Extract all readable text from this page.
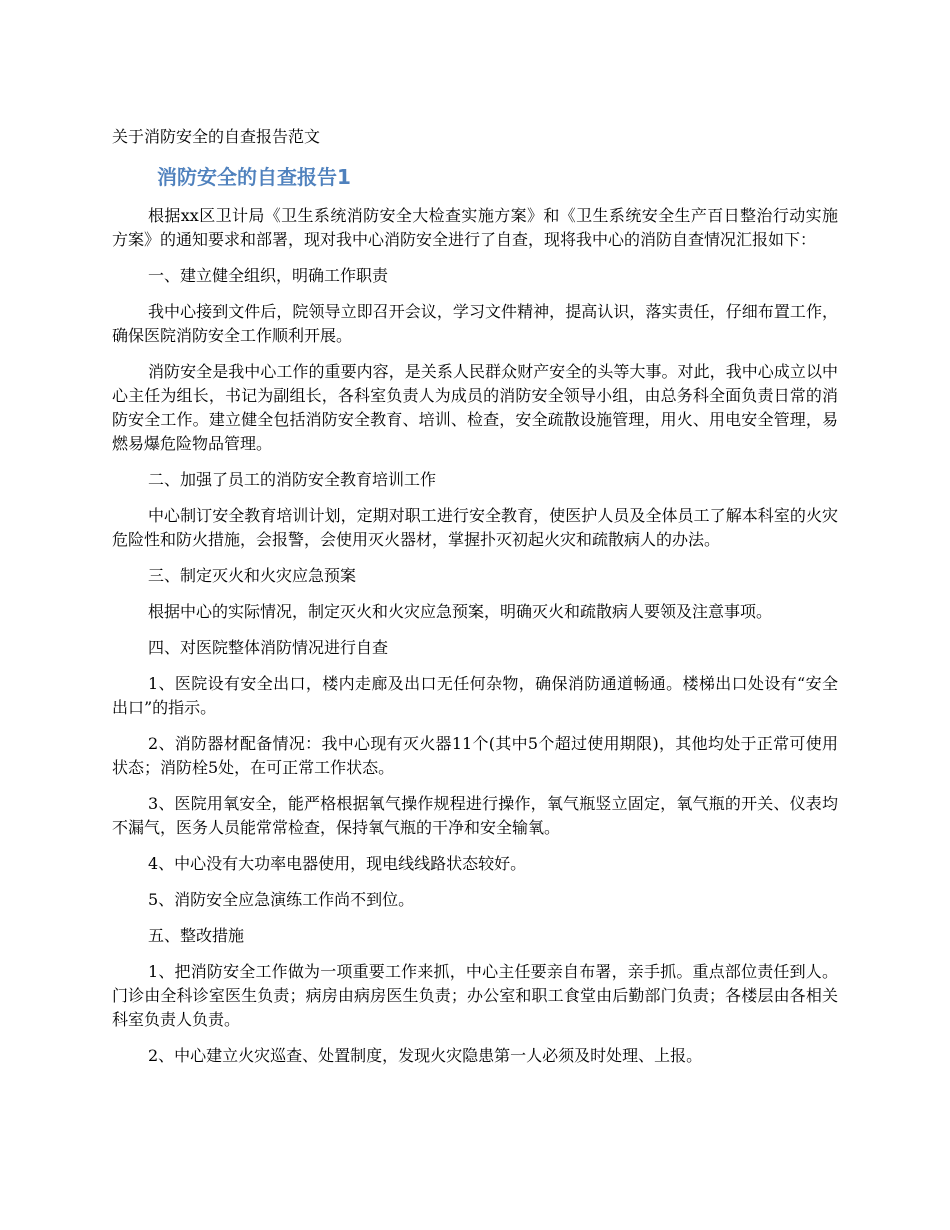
关于消防安全的自查报告范文
消防安全的自查报告1

根据xx区卫计局《卫生系统消防安全大检查实施方案》和《卫生系统安全生产百日整治行动实施方案》的通知要求和部署，现对我中心消防安全进行了自查，现将我中心的消防自查情况汇报如下：

一、建立健全组织，明确工作职责

我中心接到文件后，院领导立即召开会议，学习文件精神，提高认识，落实责任，仔细布置工作，确保医院消防安全工作顺利开展。

消防安全是我中心工作的重要内容，是关系人民群众财产安全的头等大事。对此，我中心成立以中心主任为组长，书记为副组长，各科室负责人为成员的消防安全领导小组，由总务科全面负责日常的消防安全工作。建立健全包括消防安全教育、培训、检查，安全疏散设施管理，用火、用电安全管理，易燃易爆危险物品管理。

二、加强了员工的消防安全教育培训工作

中心制订安全教育培训计划，定期对职工进行安全教育，使医护人员及全体员工了解本科室的火灾危险性和防火措施，会报警，会使用灭火器材，掌握扑灭初起火灾和疏散病人的办法。

三、制定灭火和火灾应急预案

根据中心的实际情况，制定灭火和火灾应急预案，明确灭火和疏散病人要领及注意事项。

四、对医院整体消防情况进行自查

1、医院设有安全出口，楼内走廊及出口无任何杂物，确保消防通道畅通。楼梯出口处设有“安全出口”的指示。

2、消防器材配备情况：我中心现有灭火器11个(其中5个超过使用期限)，其他均处于正常可使用状态；消防栓5处，在可正常工作状态。

3、医院用氧安全，能严格根据氧气操作规程进行操作，氧气瓶竖立固定，氧气瓶的开关、仪表均不漏气，医务人员能常常检查，保持氧气瓶的干净和安全输氧。

4、中心没有大功率电器使用，现电线线路状态较好。

5、消防安全应急演练工作尚不到位。

五、整改措施

1、把消防安全工作做为一项重要工作来抓，中心主任要亲自布署，亲手抓。重点部位责任到人。门诊由全科诊室医生负责；病房由病房医生负责；办公室和职工食堂由后勤部门负责；各楼层由各相关科室负责人负责。

2、中心建立火灾巡查、处置制度，发现火灾隐患第一人必须及时处理、上报。
